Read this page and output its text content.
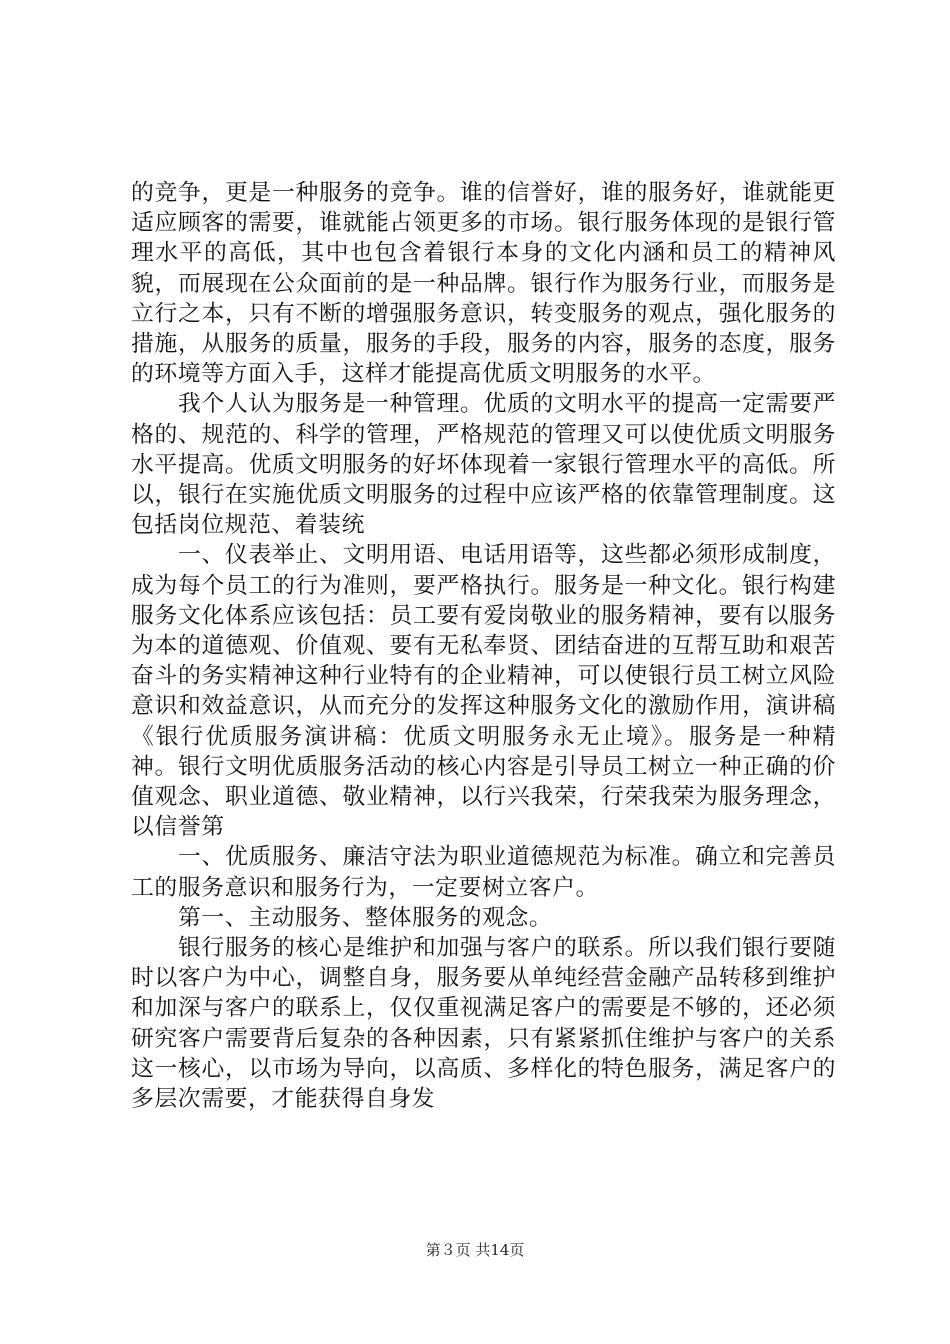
的竞争，更是一种服务的竞争。谁的信誉好，谁的服务好，谁就能更适应顾客的需要，谁就能占领更多的市场。银行服务体现的是银行管理水平的高低，其中也包含着银行本身的文化内涵和员工的精神风貌，而展现在公众面前的是一种品牌。银行作为服务行业，而服务是立行之本，只有不断的增强服务意识，转变服务的观点，强化服务的措施，从服务的质量，服务的手段，服务的内容，服务的态度，服务的环境等方面入手，这样才能提高优质文明服务的水平。

我个人认为服务是一种管理。优质的文明水平的提高一定需要严格的、规范的、科学的管理，严格规范的管理又可以使优质文明服务水平提高。优质文明服务的好坏体现着一家银行管理水平的高低。所以，银行在实施优质文明服务的过程中应该严格的依靠管理制度。这包括岗位规范、着装统

一、仪表举止、文明用语、电话用语等，这些都必须形成制度，成为每个员工的行为准则，要严格执行。服务是一种文化。银行构建服务文化体系应该包括：员工要有爱岗敬业的服务精神，要有以服务为本的道德观、价值观、要有无私奉贤、团结奋进的互帮互助和艰苦奋斗的务实精神这种行业特有的企业精神，可以使银行员工树立风险意识和效益意识，从而充分的发挥这种服务文化的激励作用，演讲稿《银行优质服务演讲稿：优质文明服务永无止境》。服务是一种精神。银行文明优质服务活动的核心内容是引导员工树立一种正确的价值观念、职业道德、敬业精神，以行兴我荣，行荣我荣为服务理念，以信誉第

一、优质服务、廉洁守法为职业道德规范为标准。确立和完善员工的服务意识和服务行为，一定要树立客户。

第一、主动服务、整体服务的观念。

银行服务的核心是维护和加强与客户的联系。所以我们银行要随时以客户为中心，调整自身，服务要从单纯经营金融产品转移到维护和加深与客户的联系上，仅仅重视满足客户的需要是不够的，还必须研究客户需要背后复杂的各种因素，只有紧紧抓住维护与客户的关系这一核心，以市场为导向，以高质、多样化的特色服务，满足客户的多层次需要，才能获得自身发

第３页 共14页
